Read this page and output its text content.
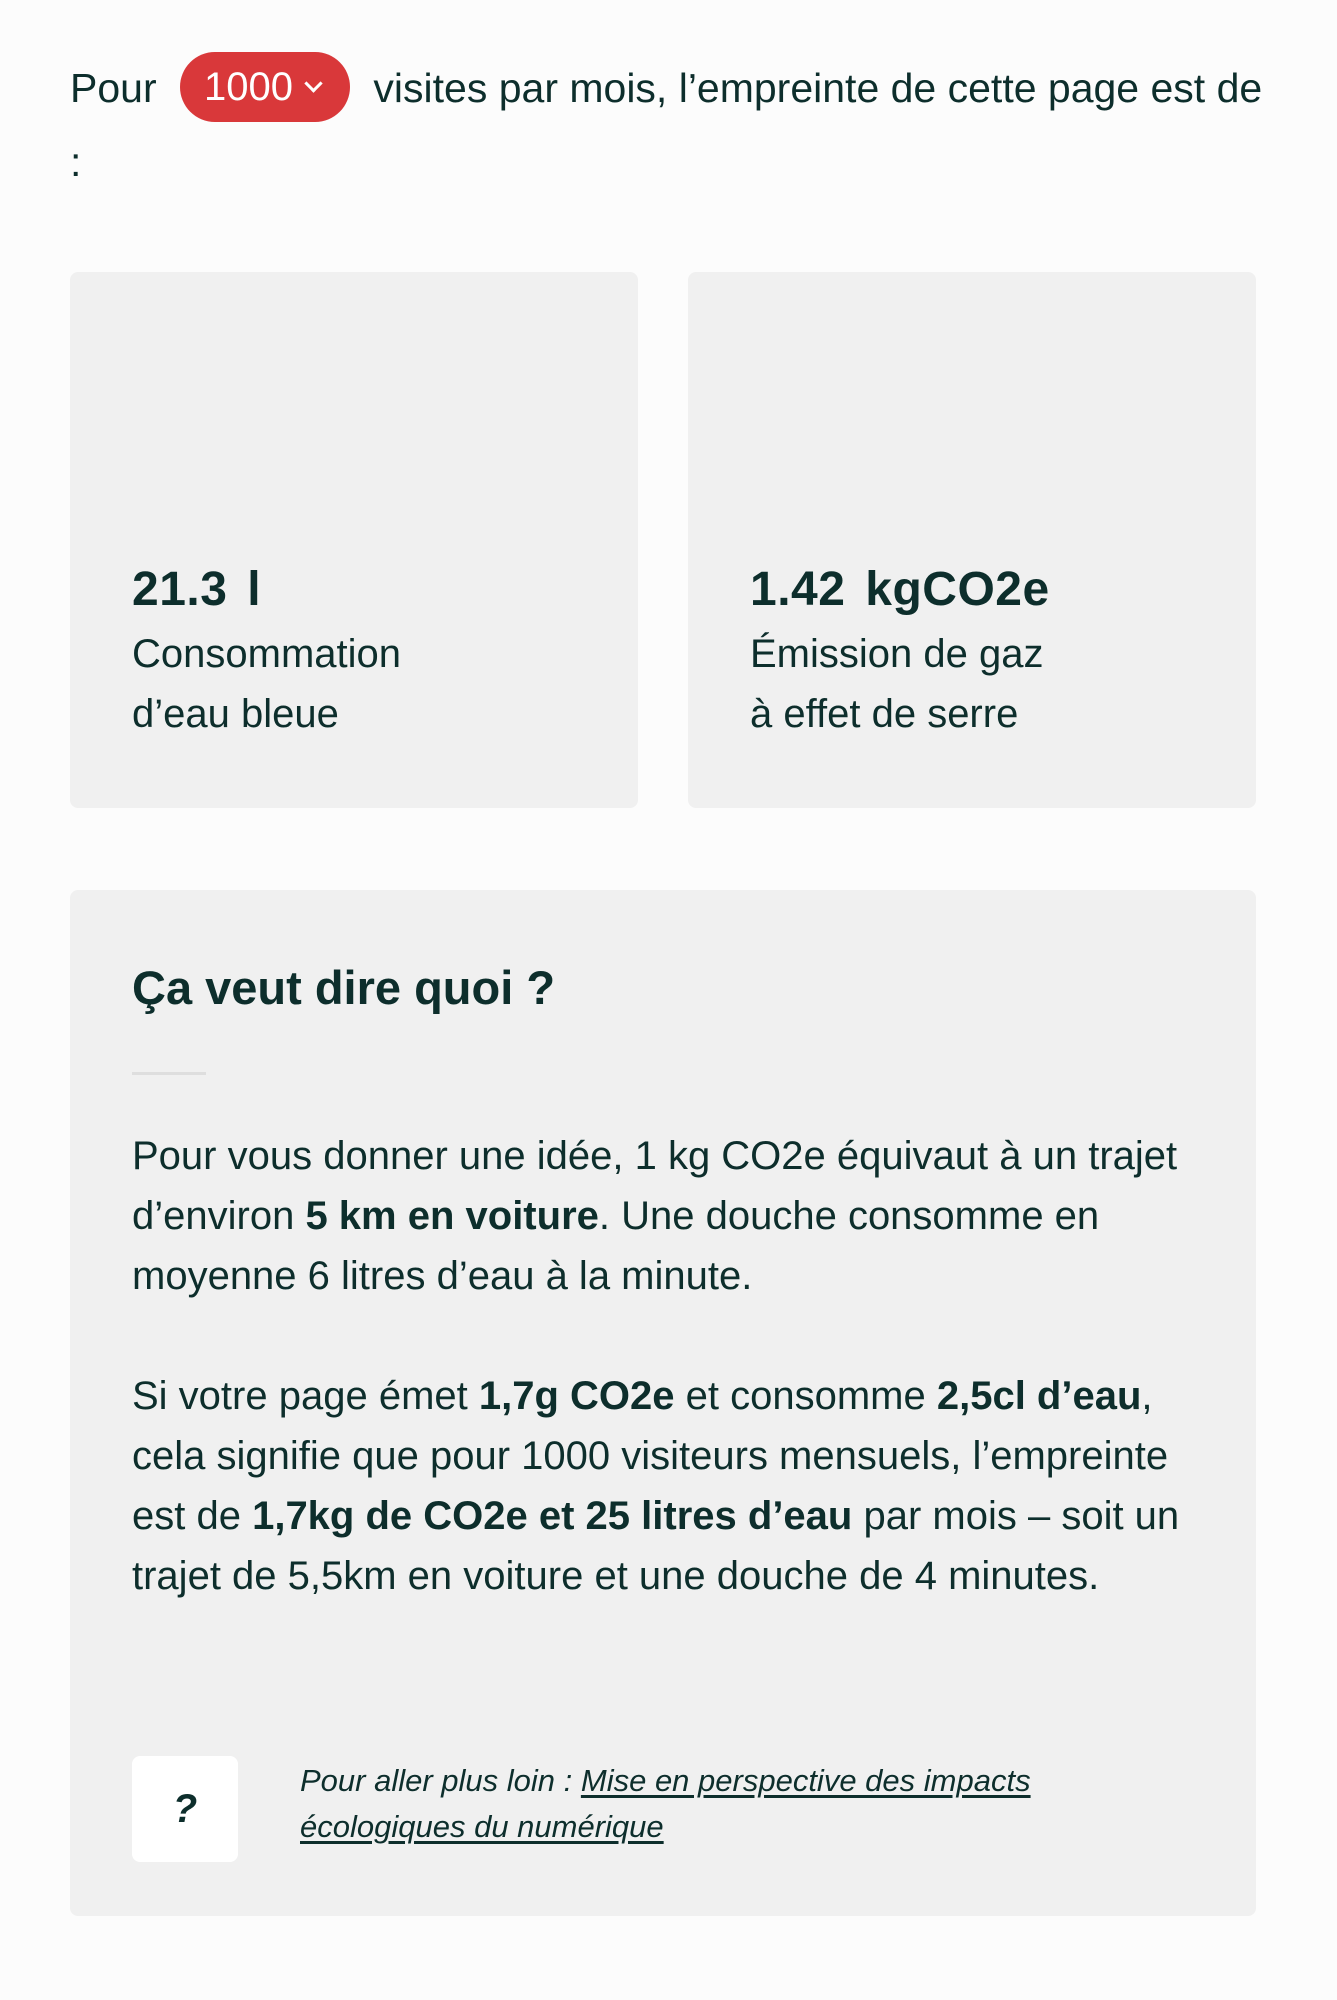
Pour 1000 visites par mois, l’empreinte de cette page est de :
21.3 l
Consommation
d’eau bleue
1.42 kgCO2e
Émission de gaz
à effet de serre
Ça veut dire quoi ?

Pour vous donner une idée, 1 kg CO2e équivaut à un trajet d’environ 5 km en voiture. Une douche consomme en moyenne 6 litres d’eau à la minute.

Si votre page émet 1,7g CO2e et consomme 2,5cl d’eau, cela signifie que pour 1000 visiteurs mensuels, l’empreinte est de 1,7kg de CO2e et 25 litres d’eau par mois – soit un trajet de 5,5km en voiture et une douche de 4 minutes.

?
Pour aller plus loin : Mise en perspective des impacts écologiques du numérique
